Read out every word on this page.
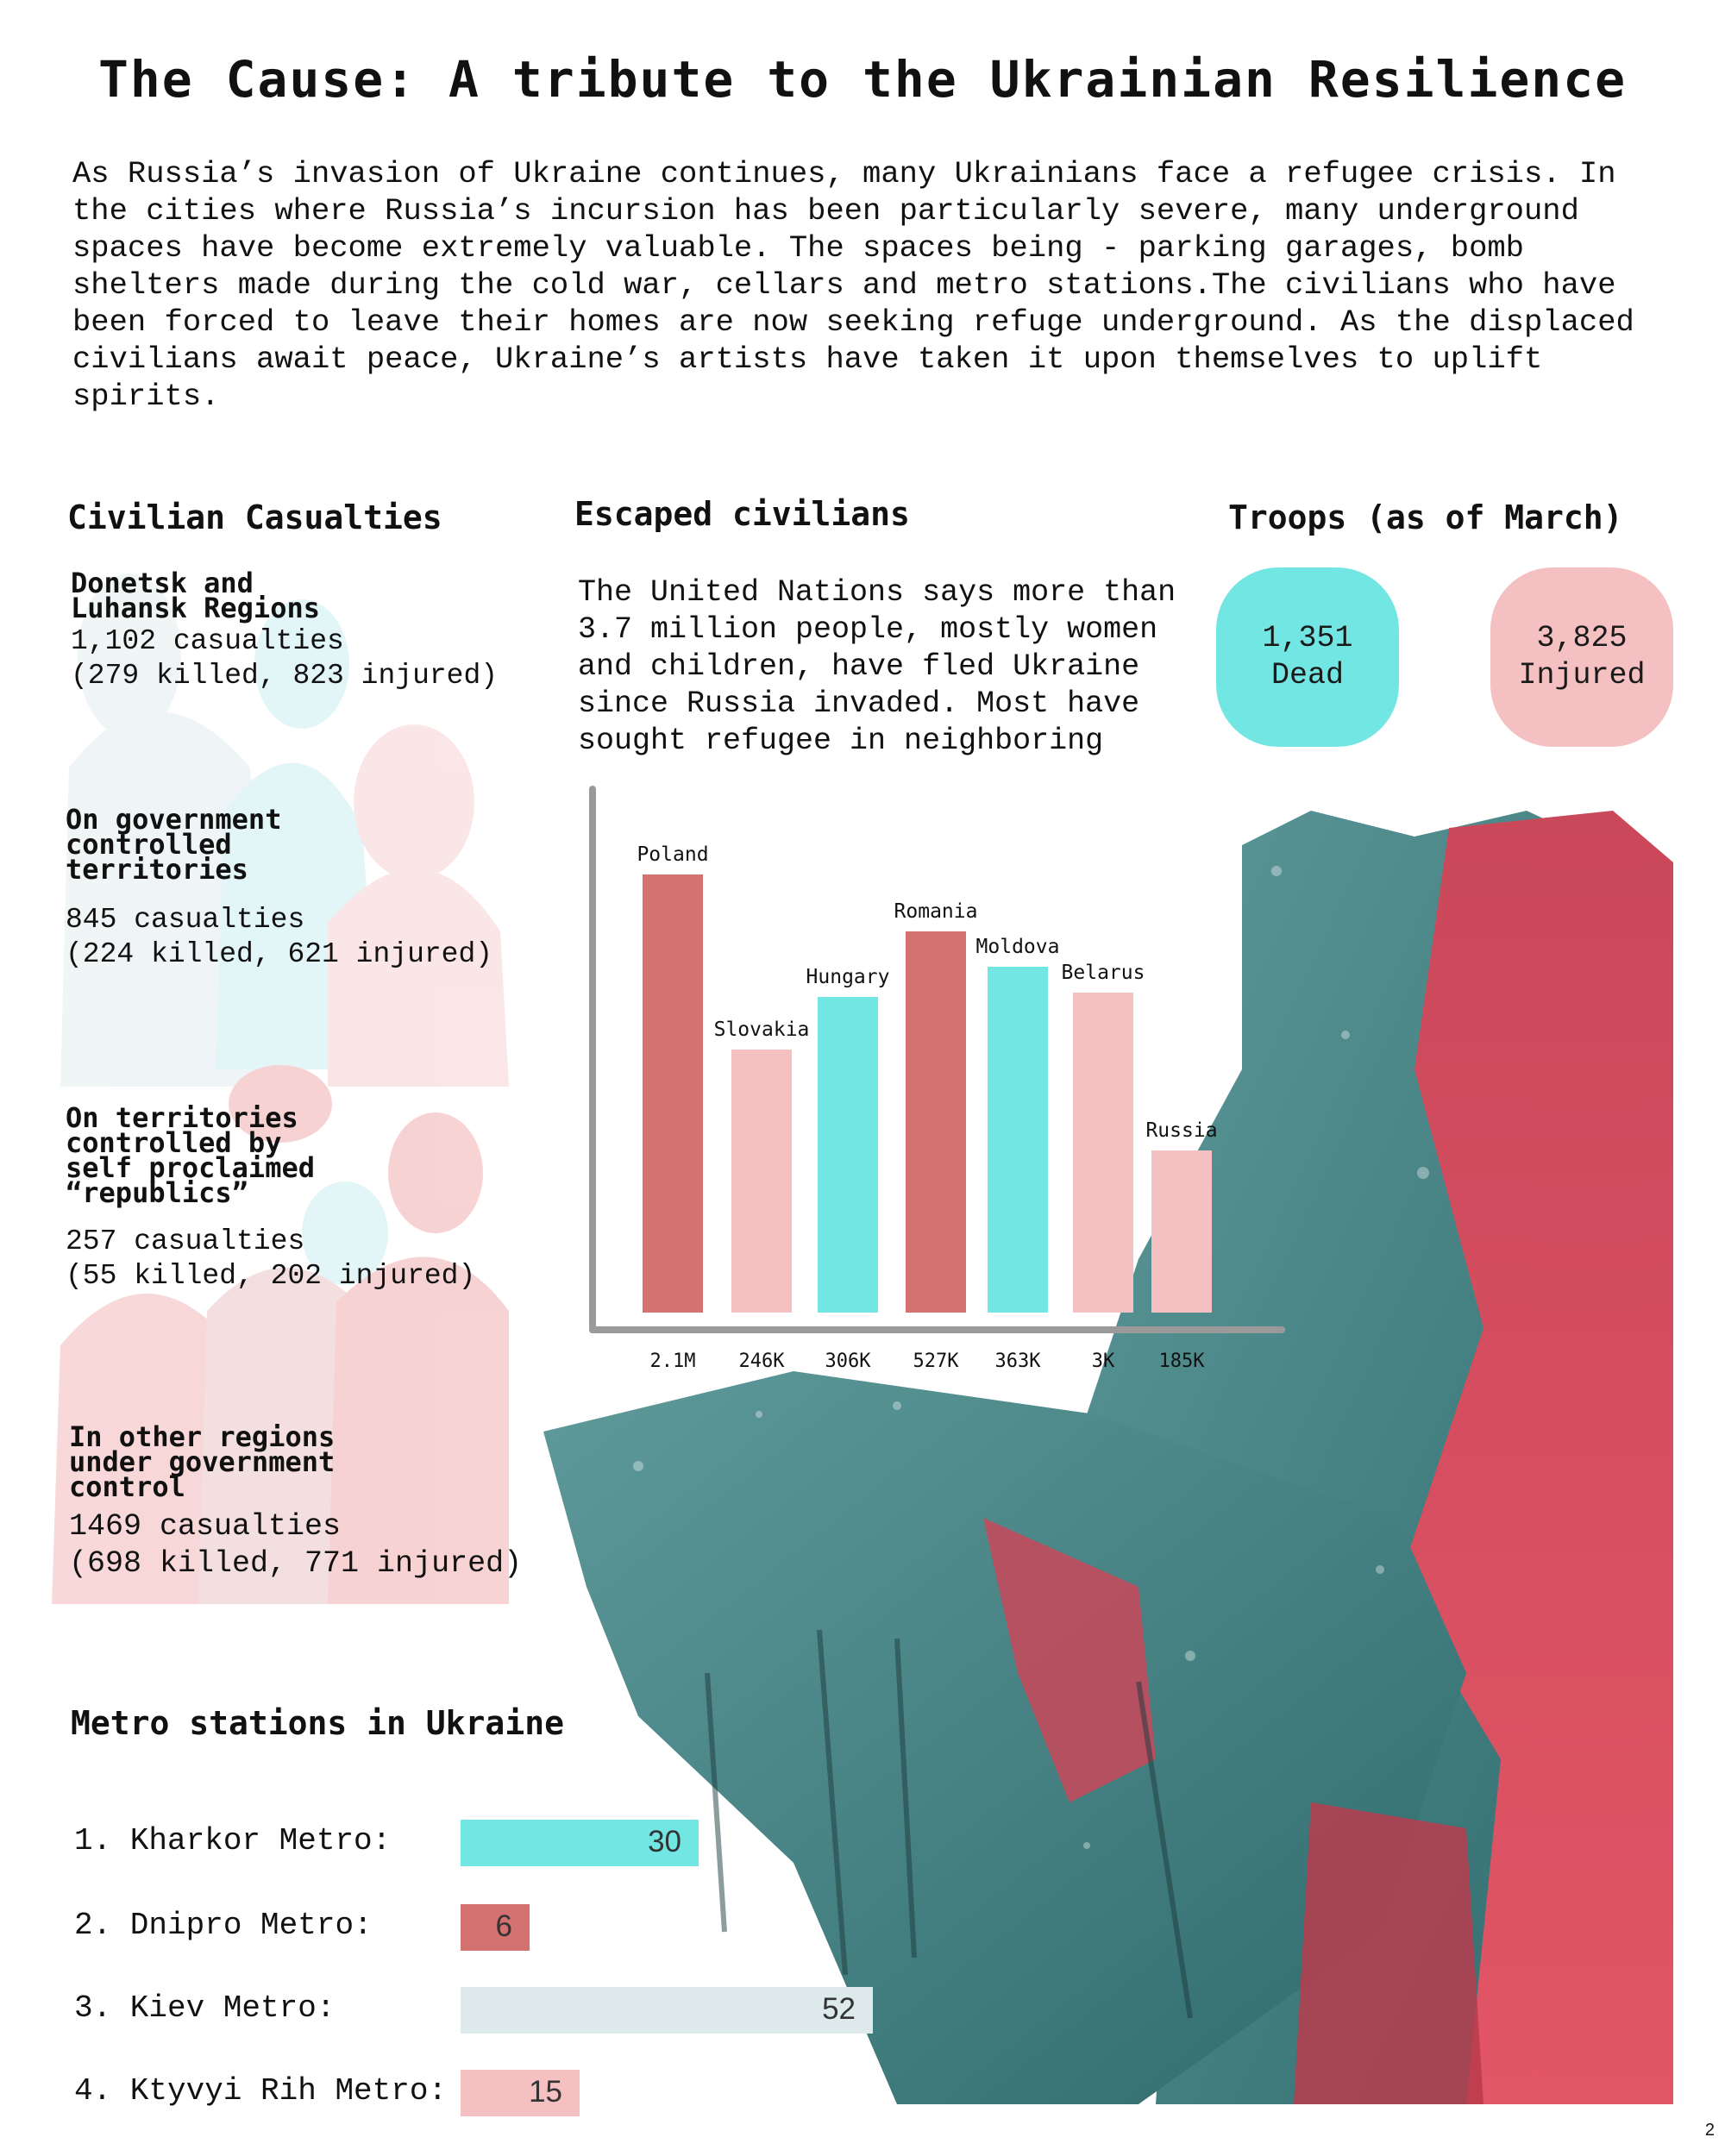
The Cause: A tribute to the Ukrainian Resilience
As Russia’s invasion of Ukraine continues, many Ukrainians face a refugee crisis. In
the cities where Russia’s incursion has been particularly severe, many underground
spaces have become extremely valuable. The spaces being - parking garages, bomb
shelters made during the cold war, cellars and metro stations.The civilians who have
been forced to leave their homes are now seeking refuge underground. As the displaced
civilians await peace, Ukraine’s artists have taken it upon themselves to uplift
spirits.
Civilian Casualties
Donetsk and
Luhansk Regions
1,102 casualties
(279 killed, 823 injured)
On government
controlled
territories
845 casualties
(224 killed, 621 injured)
On territories
controlled by
self proclaimed
“republics”
257 casualties
(55 killed, 202 injured)
In other regions
under government
control
1469 casualties
(698 killed, 771 injured)
Escaped civilians
The United Nations says more than
3.7 million people, mostly women
and children, have fled Ukraine
since Russia invaded. Most have
sought refugee in neighboring
Troops (as of March)
1,351
Dead
3,825
Injured
Poland
2.1M
Slovakia
246K
Hungary
306K
Romania
527K
Moldova
363K
Belarus
3K
Russia
185K
Metro stations in Ukraine
1. Kharkor Metro:	30
2. Dnipro Metro:	6
3. Kiev Metro:	52
4. Ktyvyi Rih Metro:	15
2
